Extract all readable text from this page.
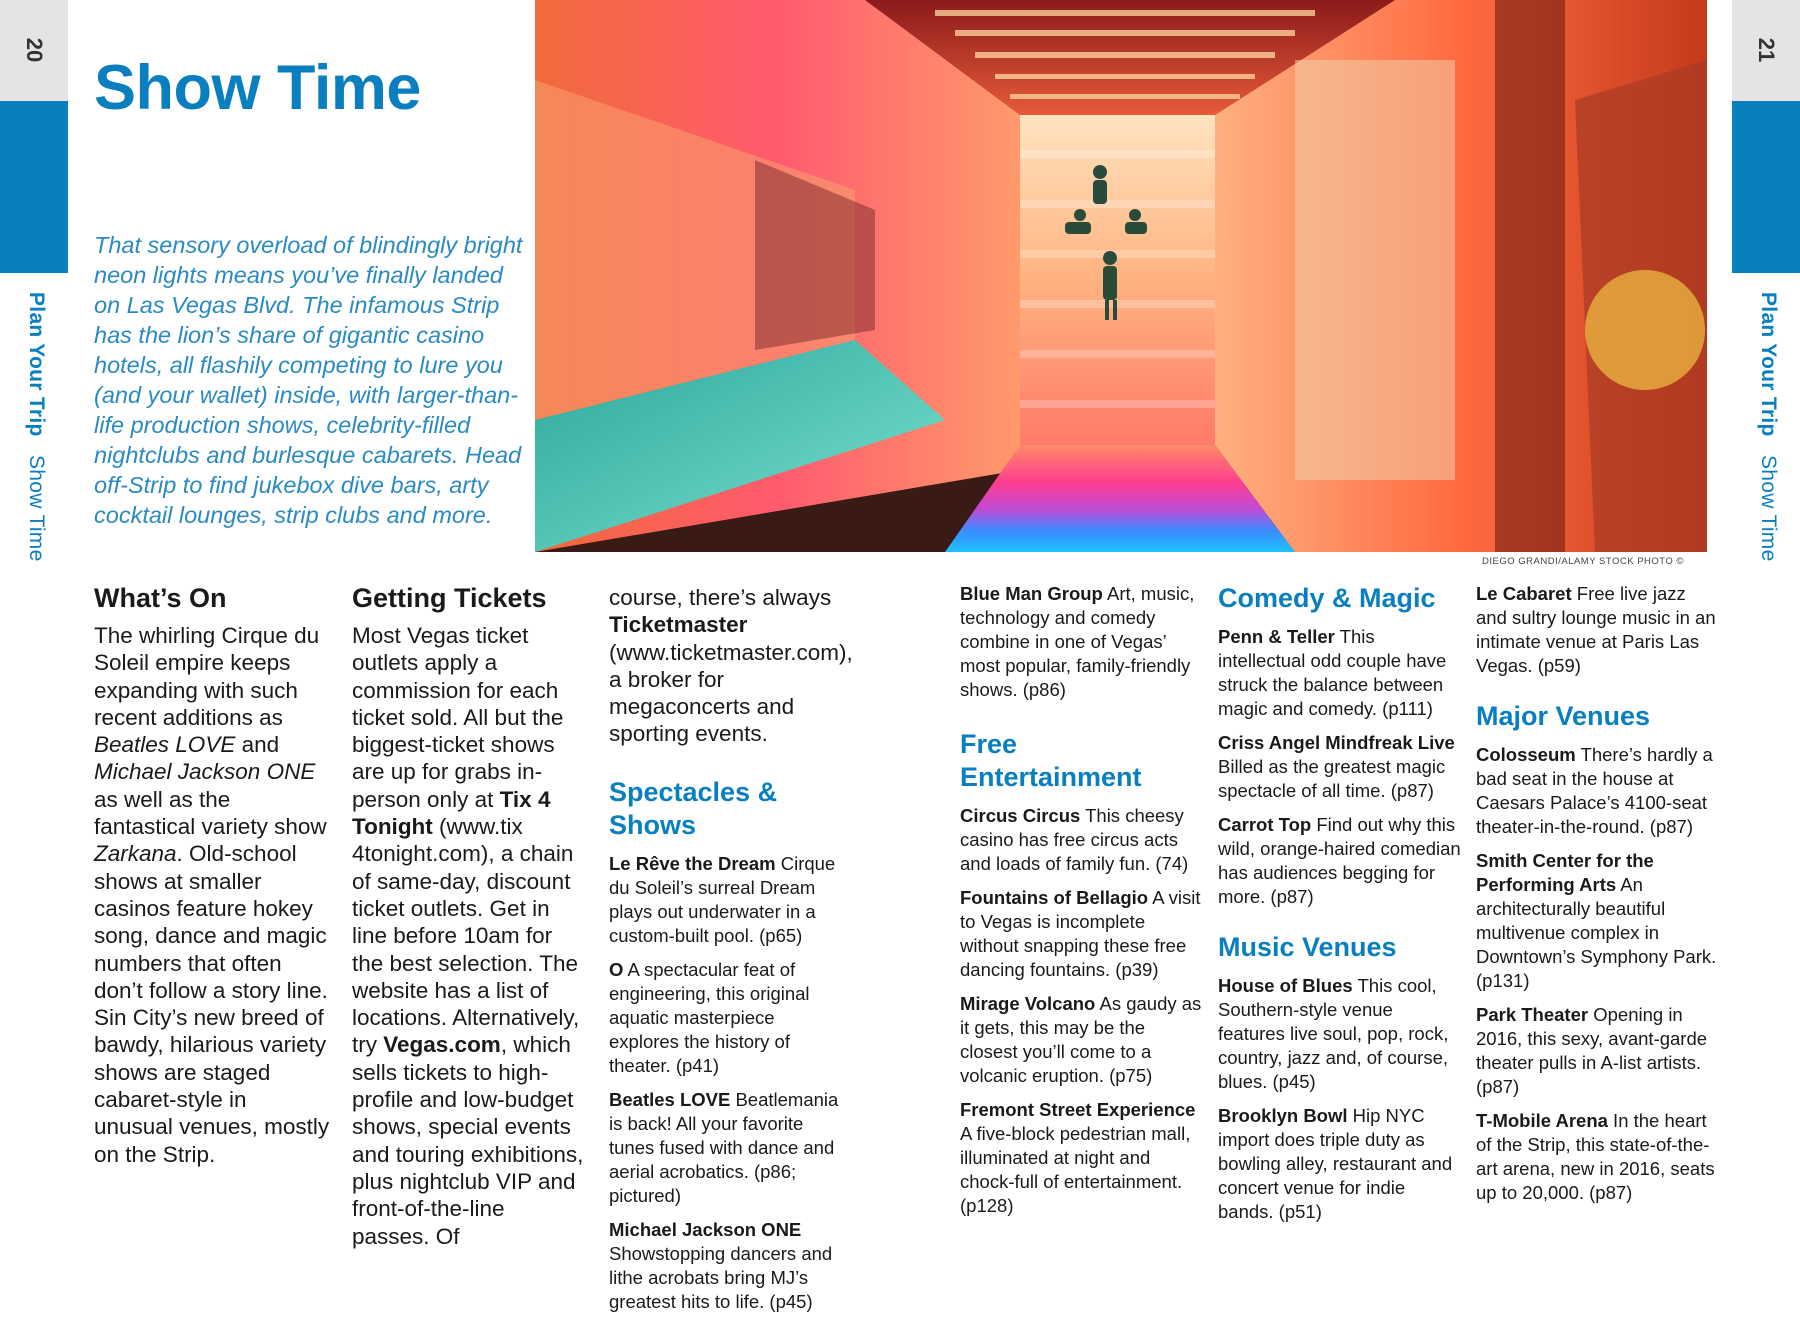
20
Plan Your Trip Show Time
21
Plan Your Trip Show Time
Show Time

That sensory overload of blindingly bright neon lights means you’ve finally landed on Las Vegas Blvd. The infamous Strip has the lion’s share of gigantic casino hotels, all flashily competing to lure you (and your wallet) inside, with larger-than-life production shows, celebrity-filled nightclubs and burlesque cabarets. Head off-Strip to find jukebox dive bars, arty cocktail lounges, strip clubs and more.

DIEGO GRANDI/ALAMY STOCK PHOTO ©
What’s On

The whirling Cirque du Soleil empire keeps expanding with such recent additions as Beatles LOVE and Michael Jackson ONE as well as the fantastical variety show Zarkana. Old-school shows at smaller casinos feature hokey song, dance and magic numbers that often don’t follow a story line. Sin City’s new breed of bawdy, hilarious variety shows are staged cabaret-style in unusual venues, mostly on the Strip.

Getting Tickets

Most Vegas ticket outlets apply a commission for each ticket sold. All but the biggest-ticket shows are up for grabs in-person only at Tix 4 Tonight (www.tix 4tonight.com), a chain of same-day, discount ticket outlets. Get in line before 10am for the best selection. The website has a list of locations. Alternatively, try Vegas.com, which sells tickets to high-profile and low-budget shows, special events and touring exhibitions, plus nightclub VIP and front-of-the-line passes. Of

course, there’s always Ticketmaster (www.ticketmaster.com), a broker for megaconcerts and sporting events.

Spectacles & Shows

Le Rêve the Dream Cirque du Soleil’s surreal Dream plays out underwater in a custom-built pool. (p65)

O A spectacular feat of engineering, this original aquatic masterpiece explores the history of theater. (p41)

Beatles LOVE Beatlemania is back! All your favorite tunes fused with dance and aerial acrobatics. (p86; pictured)

Michael Jackson ONE Showstopping dancers and lithe acrobats bring MJ’s greatest hits to life. (p45)

Blue Man Group Art, music, technology and comedy combine in one of Vegas’ most popular, family-friendly shows. (p86)

Free Entertainment

Circus Circus This cheesy casino has free circus acts and loads of family fun. (74)

Fountains of Bellagio A visit to Vegas is incomplete without snapping these free dancing fountains. (p39)

Mirage Volcano As gaudy as it gets, this may be the closest you’ll come to a volcanic eruption. (p75)

Fremont Street Experience A five-block pedestrian mall, illuminated at night and chock-full of entertainment. (p128)

Comedy & Magic

Penn & Teller This intellectual odd couple have struck the balance between magic and comedy. (p111)

Criss Angel Mindfreak Live Billed as the greatest magic spectacle of all time. (p87)

Carrot Top Find out why this wild, orange-haired comedian has audiences begging for more. (p87)

Music Venues

House of Blues This cool, Southern-style venue features live soul, pop, rock, country, jazz and, of course, blues. (p45)

Brooklyn Bowl Hip NYC import does triple duty as bowling alley, restaurant and concert venue for indie bands. (p51)

Le Cabaret Free live jazz and sultry lounge music in an intimate venue at Paris Las Vegas. (p59)

Major Venues

Colosseum There’s hardly a bad seat in the house at Caesars Palace’s 4100-seat theater-in-the-round. (p87)

Smith Center for the Performing Arts An architecturally beautiful multivenue complex in Downtown’s Symphony Park. (p131)

Park Theater Opening in 2016, this sexy, avant-garde theater pulls in A-list artists. (p87)

T-Mobile Arena In the heart of the Strip, this state-of-the-art arena, new in 2016, seats up to 20,000. (p87)
